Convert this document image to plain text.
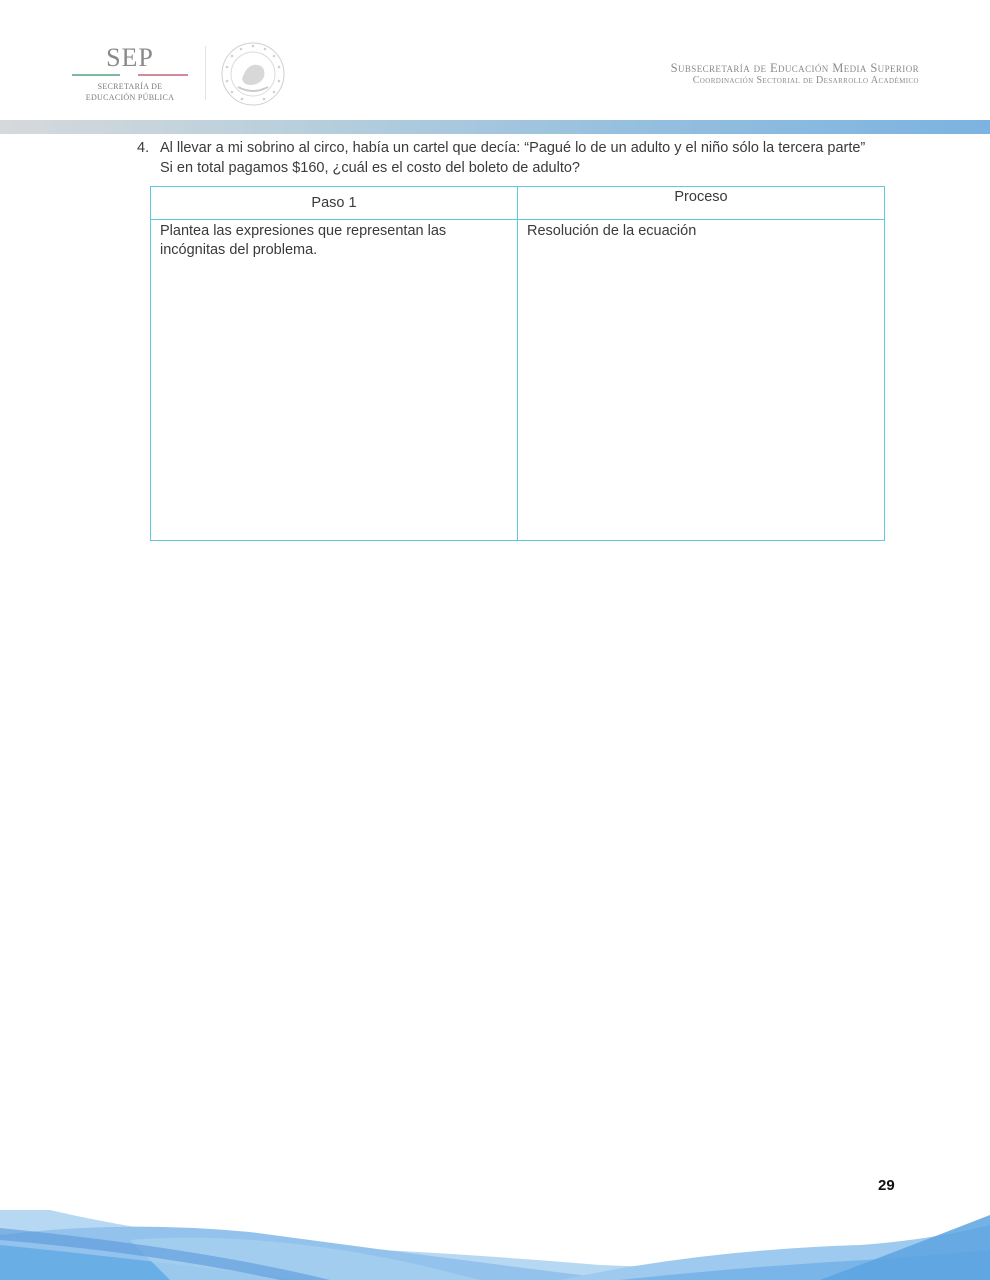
SEP
SECRETARÍA DE
EDUCACIÓN PÚBLICA
Subsecretaría de Educación Media Superior
Coordinación Sectorial de Desarrollo Académico
4. Al llevar a mi sobrino al circo, había un cartel que decía: “Pagué lo de un adulto y el niño sólo la tercera parte”
Si en total pagamos $160, ¿cuál es el costo del boleto de adulto?
Paso 1	Proceso
Plantea las expresiones que representan las incógnitas del problema.
Resolución de la ecuación
29
